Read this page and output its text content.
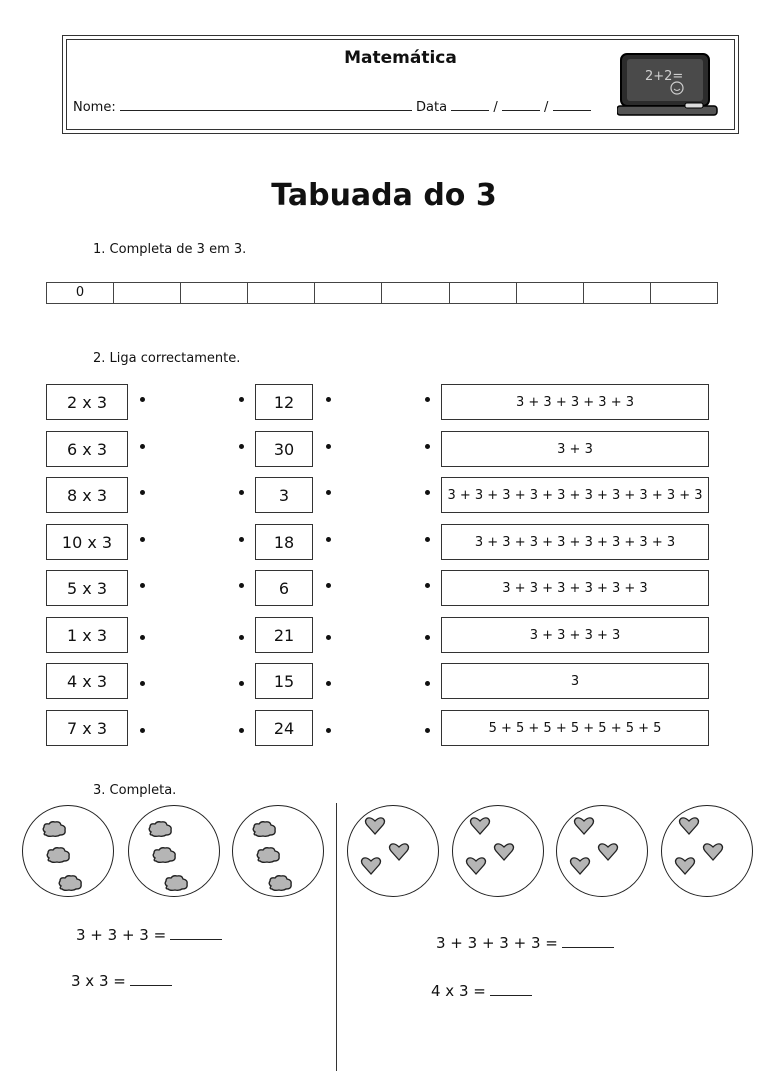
Matemática
Nome:	Data	/	/
2+2=
Tabuada do 3
1. Completa de 3 em 3.
0
2. Liga correctamente.
2 x 3	12	3 + 3 + 3 + 3 + 3
6 x 3	30	3 + 3
8 x 3	3	3 + 3 + 3 + 3 + 3 + 3 + 3 + 3 + 3 + 3
10 x 3	18	3 + 3 + 3 + 3 + 3 + 3 + 3 + 3
5 x 3	6	3 + 3 + 3 + 3 + 3 + 3
1 x 3	21	3 + 3 + 3 + 3
4 x 3	15	3
7 x 3	24	5 + 5 + 5 + 5 + 5 + 5 + 5
3. Completa.
3 + 3 + 3 =
3 x 3 =
3 + 3 + 3 + 3 =
4 x 3 =
